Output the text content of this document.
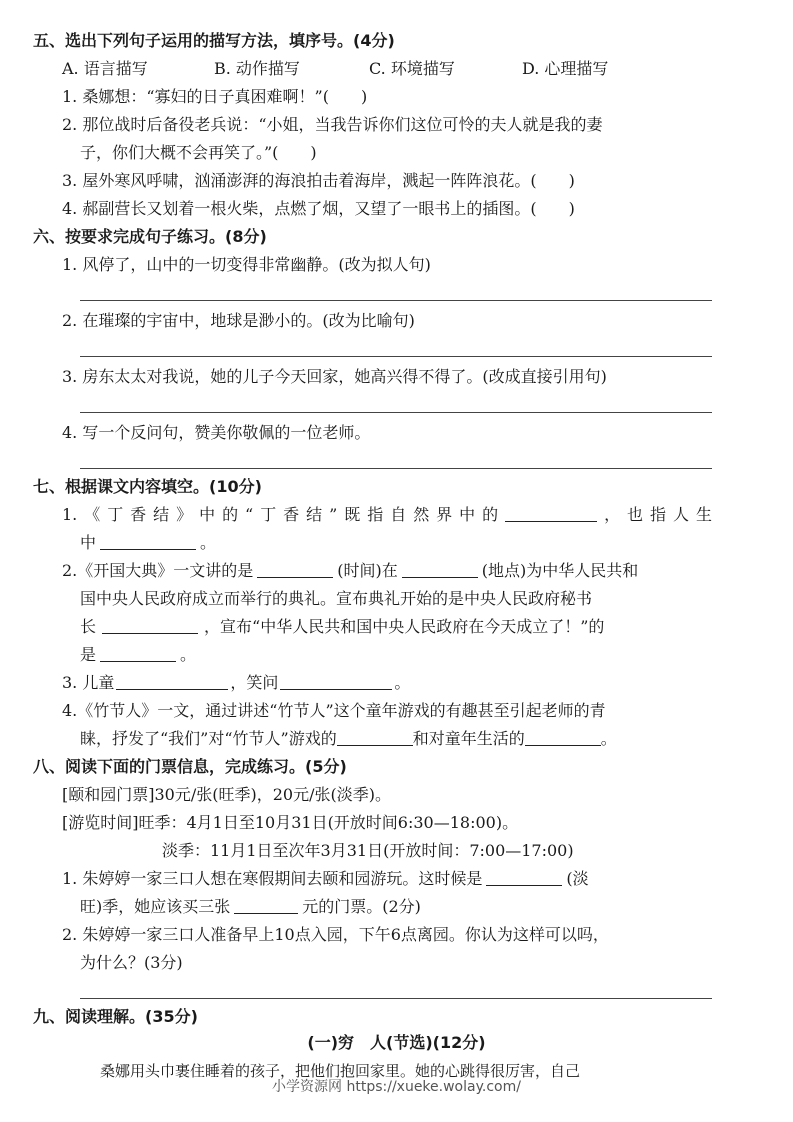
五、选出下列句子运用的描写方法，填序号。(4分)
A. 语言描写	B. 动作描写	C. 环境描写	D. 心理描写
1. 桑娜想：“寡妇的日子真困难啊！”(　　)
2. 那位战时后备役老兵说：“小姐，当我告诉你们这位可怜的夫人就是我的妻
子，你们大概不会再笑了。”(　　)
3. 屋外寒风呼啸，汹涌澎湃的海浪拍击着海岸，溅起一阵阵浪花。(　　)
4. 郝副营长又划着一根火柴，点燃了烟，又望了一眼书上的插图。(　　)
六、按要求完成句子练习。(8分)
1. 风停了，山中的一切变得非常幽静。(改为拟人句)
2. 在璀璨的宇宙中，地球是渺小的。(改为比喻句)
3. 房东太太对我说，她的儿子今天回家，她高兴得不得了。(改成直接引用句)
4. 写一个反问句，赞美你敬佩的一位老师。
七、根据课文内容填空。(10分)
1.《丁香结》中的“丁香结”既指自然界中的	，也指人生
中	。
2.《开国大典》一文讲的是	(时间)在	(地点)为中华人民共和
国中央人民政府成立而举行的典礼。宣布典礼开始的是中央人民政府秘书
长	，宣布“中华人民共和国中央人民政府在今天成立了！”的
是	。
3. 儿童	，笑问	。
4.《竹节人》一文，通过讲述“竹节人”这个童年游戏的有趣甚至引起老师的青
睐，抒发了“我们”对“竹节人”游戏的	和对童年生活的	。
八、阅读下面的门票信息，完成练习。(5分)
[颐和园门票]30元/张(旺季)，20元/张(淡季)。
[游览时间]旺季：4月1日至10月31日(开放时间6:30—18:00)。
淡季：11月1日至次年3月31日(开放时间：7:00—17:00)
1. 朱婷婷一家三口人想在寒假期间去颐和园游玩。这时候是	(淡
旺)季，她应该买三张	元的门票。(2分)
2. 朱婷婷一家三口人准备早上10点入园，下午6点离园。你认为这样可以吗，
为什么？(3分)
九、阅读理解。(35分)
(一)穷　人(节选)(12分)
桑娜用头巾裹住睡着的孩子，把他们抱回家里。她的心跳得很厉害，自己
小学资源网 https://xueke.wolay.com/
